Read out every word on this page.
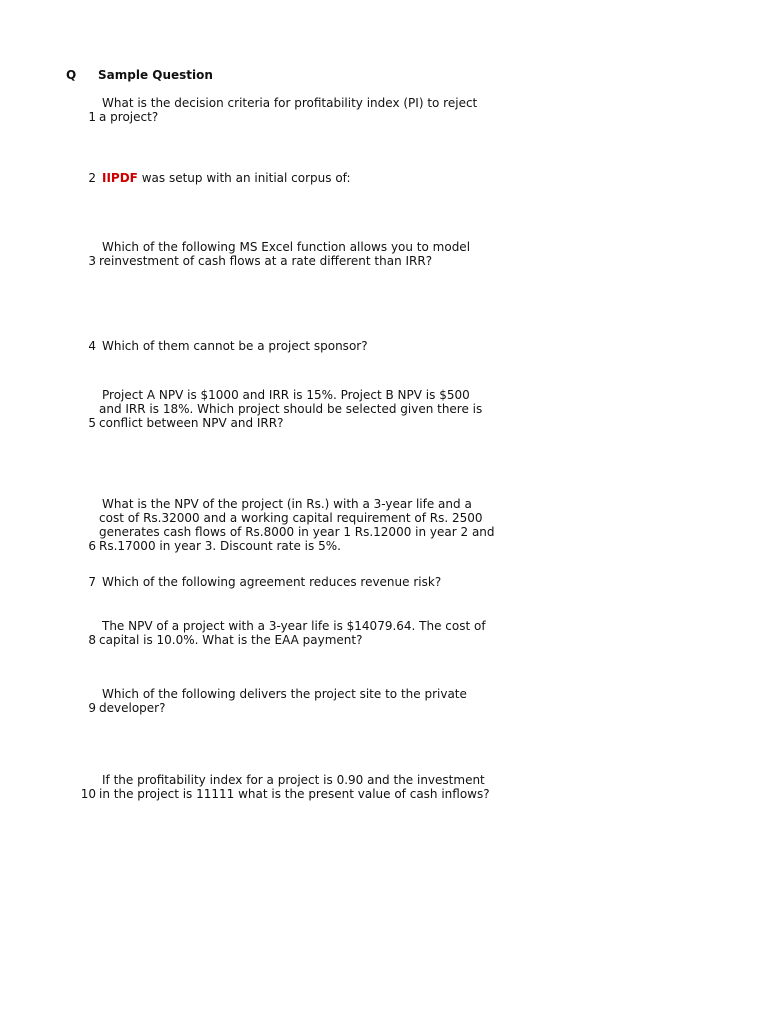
Q Sample Question
1
What is the decision criteria for profitability index (PI) to reject
a project?
2 IIPDF was setup with an initial corpus of:
3
Which of the following MS Excel function allows you to model
reinvestment of cash flows at a rate different than IRR?
4 Which of them cannot be a project sponsor?
5
Project A NPV is $1000 and IRR is 15%. Project B NPV is $500
and IRR is 18%. Which project should be selected given there is
conflict between NPV and IRR?
6
What is the NPV of the project (in Rs.) with a 3-year life and a
cost of Rs.32000 and a working capital requirement of Rs. 2500
generates cash flows of Rs.8000 in year 1 Rs.12000 in year 2 and
Rs.17000 in year 3. Discount rate is 5%.
7 Which of the following agreement reduces revenue risk?
8
The NPV of a project with a 3-year life is $14079.64. The cost of
capital is 10.0%. What is the EAA payment?
9
Which of the following delivers the project site to the private
developer?
10
If the profitability index for a project is 0.90 and the investment
in the project is 11111 what is the present value of cash inflows?
